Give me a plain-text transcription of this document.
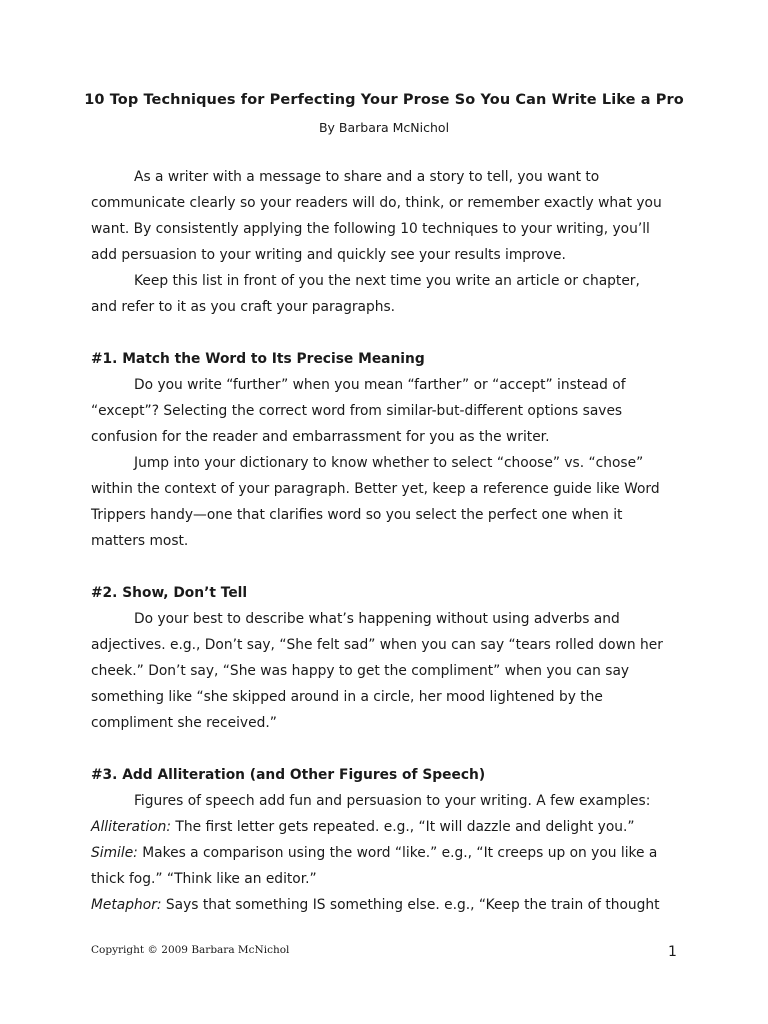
10 Top Techniques for Perfecting Your Prose So You Can Write Like a Pro
By Barbara McNichol

As a writer with a message to share and a story to tell, you want to

communicate clearly so your readers will do, think, or remember exactly what you

want. By consistently applying the following 10 techniques to your writing, you’ll

add persuasion to your writing and quickly see your results improve.

Keep this list in front of you the next time you write an article or chapter,

and refer to it as you craft your paragraphs.

#1. Match the Word to Its Precise Meaning

Do you write “further” when you mean “farther” or “accept” instead of

“except”? Selecting the correct word from similar-but-different options saves

confusion for the reader and embarrassment for you as the writer.

Jump into your dictionary to know whether to select “choose” vs. “chose”

within the context of your paragraph. Better yet, keep a reference guide like Word

Trippers handy—one that clarifies word so you select the perfect one when it

matters most.

#2. Show, Don’t Tell

Do your best to describe what’s happening without using adverbs and

adjectives. e.g., Don’t say, “She felt sad” when you can say “tears rolled down her

cheek.” Don’t say, “She was happy to get the compliment” when you can say

something like “she skipped around in a circle, her mood lightened by the

compliment she received.”

#3. Add Alliteration (and Other Figures of Speech)

Figures of speech add fun and persuasion to your writing. A few examples:

Alliteration: The first letter gets repeated. e.g., “It will dazzle and delight you.”

Simile: Makes a comparison using the word “like.” e.g., “It creeps up on you like a

thick fog.” “Think like an editor.”

Metaphor: Says that something IS something else. e.g., “Keep the train of thought

Copyright © 2009 Barbara McNichol	1
